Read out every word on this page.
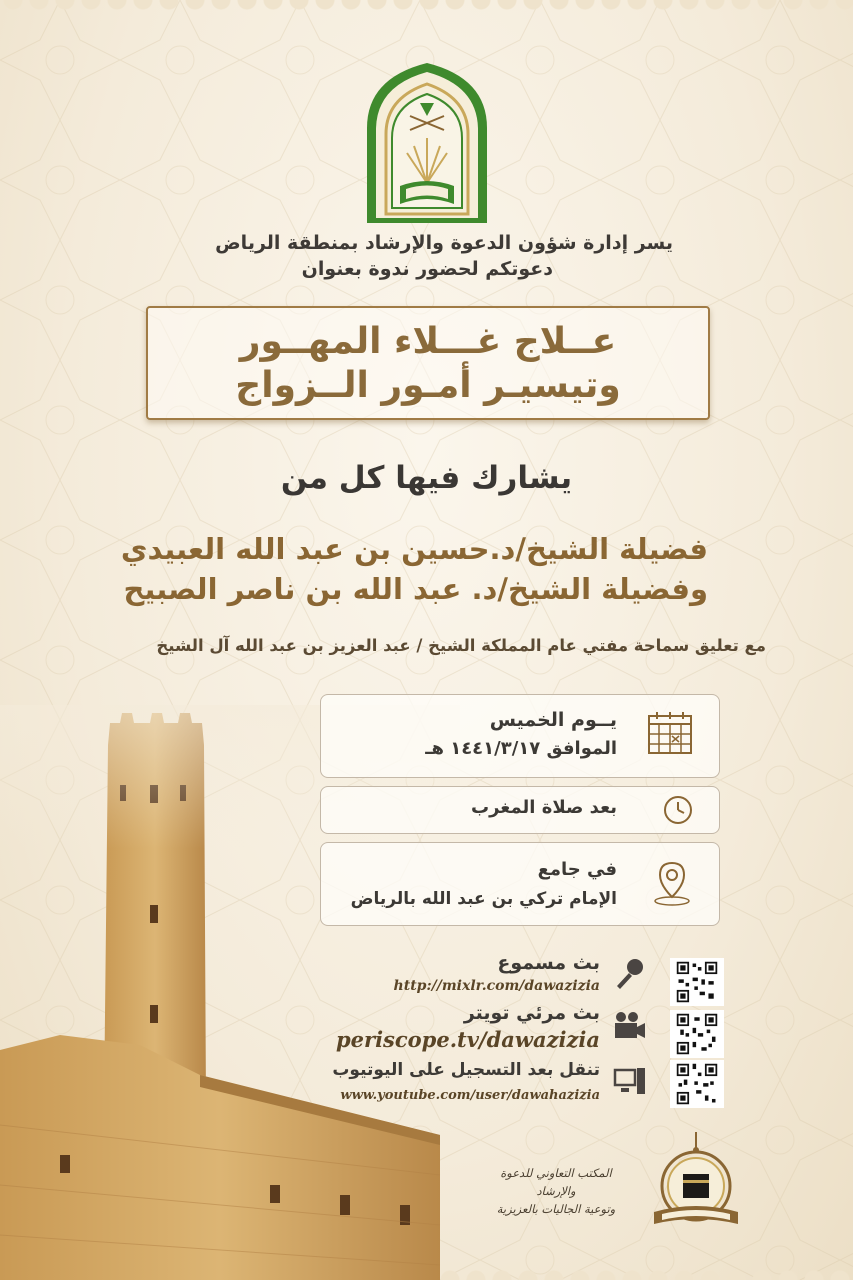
يسر إدارة شؤون الدعوة والإرشاد بمنطقة الرياض
دعوتكم لحضور ندوة بعنوان
عــلاج غـــلاء المهــور
وتيسيـر أمـور الــزواج
يشارك فيها كل من
فضيلة الشيخ/د.حسين بن عبد الله العبيدي
وفضيلة الشيخ/د. عبد الله بن ناصر الصبيح
مع تعليق سماحة مفتي عام المملكة الشيخ / عبد العزيز بن عبد الله آل الشيخ
يــوم الخميس
الموافق ١٤٤١/٣/١٧ هـ
بعد صلاة المغرب
في جامع
الإمام تركي بن عبد الله بالرياض
بث مسموع
http://mixlr.com/dawazizia
بث مرئي تويتر
periscope.tv/dawazizia
تنقل بعد التسجيل على اليوتيوب
www.youtube.com/user/dawahazizia
المكتب التعاوني للدعوة والإرشاد
وتوعية الجاليات بالعزيزية
